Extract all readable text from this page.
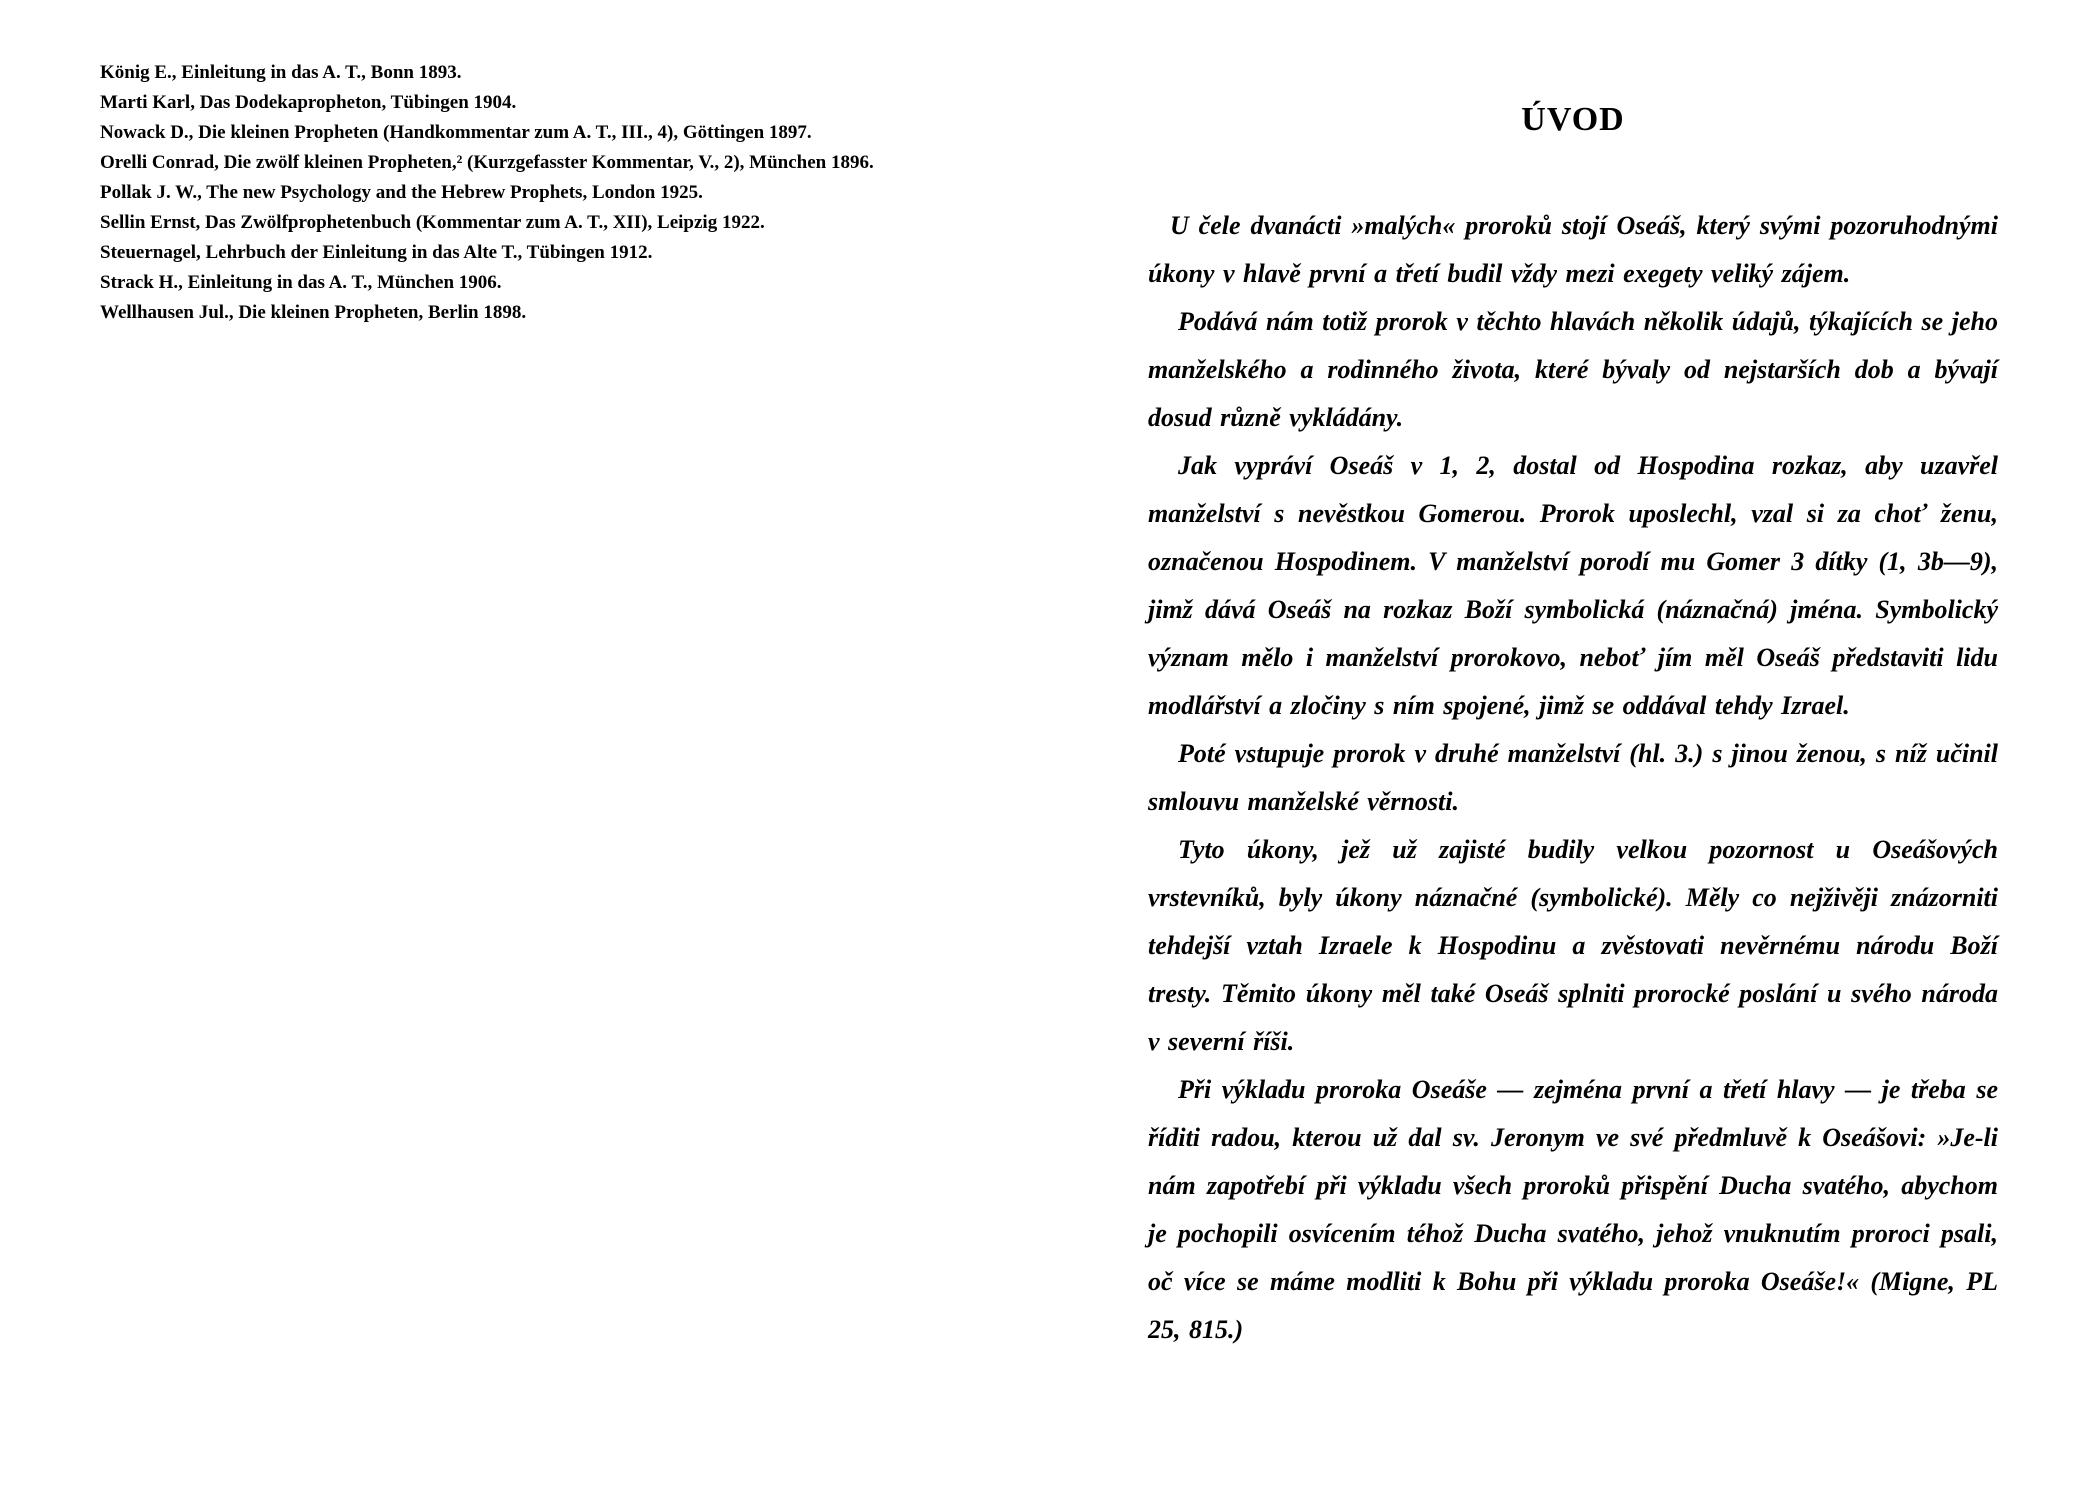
König E., Einleitung in das A. T., Bonn 1893.

Marti Karl, Das Dodekapropheton, Tübingen 1904.

Nowack D., Die kleinen Propheten (Handkommentar zum A. T., III., 4), Göttingen 1897.

Orelli Conrad, Die zwölf kleinen Propheten,² (Kurzgefasster Kommentar, V., 2), München 1896.

Pollak J. W., The new Psychology and the Hebrew Prophets, London 1925.

Sellin Ernst, Das Zwölfprophetenbuch (Kommentar zum A. T., XII), Leipzig 1922.

Steuernagel, Lehrbuch der Einleitung in das Alte T., Tübingen 1912.

Strack H., Einleitung in das A. T., München 1906.

Wellhausen Jul., Die kleinen Propheten, Berlin 1898.

ÚVOD

U čele dvanácti »malých« proroků stojí Oseáš, který svými pozoruhodnými úkony v hlavě první a třetí budil vždy mezi exegety veliký zájem.

Podává nám totiž prorok v těchto hlavách několik údajů, týkajících se jeho manželského a rodinného života, které bývaly od nejstarších dob a bývají dosud různě vykládány.

Jak vypráví Oseáš v 1, 2, dostal od Hospodina rozkaz, aby uzavřel manželství s nevěstkou Gomerou. Prorok uposlechl, vzal si za choť ženu, označenou Hospodinem. V manželství porodí mu Gomer 3 dítky (1, 3b—9), jimž dává Oseáš na rozkaz Boží symbolická (náznačná) jména. Symbolický význam mělo i manželství prorokovo, neboť jím měl Oseáš představiti lidu modlářství a zločiny s ním spojené, jimž se oddával tehdy Izrael.

Poté vstupuje prorok v druhé manželství (hl. 3.) s jinou ženou, s níž učinil smlouvu manželské věrnosti.

Tyto úkony, jež už zajisté budily velkou pozornost u Oseášových vrstevníků, byly úkony náznačné (symbolické). Měly co nejživěji znázorniti tehdejší vztah Izraele k Hospodinu a zvěstovati nevěrnému národu Boží tresty. Těmito úkony měl také Oseáš splniti prorocké poslání u svého národa v severní říši.

Při výkladu proroka Oseáše — zejména první a třetí hlavy — je třeba se říditi radou, kterou už dal sv. Jeronym ve své předmluvě k Oseášovi: »Je-li nám zapotřebí při výkladu všech proroků přispění Ducha svatého, abychom je pochopili osvícením téhož Ducha svatého, jehož vnuknutím proroci psali, oč více se máme modliti k Bohu při výkladu proroka Oseáše!« (Migne, PL 25, 815.)
